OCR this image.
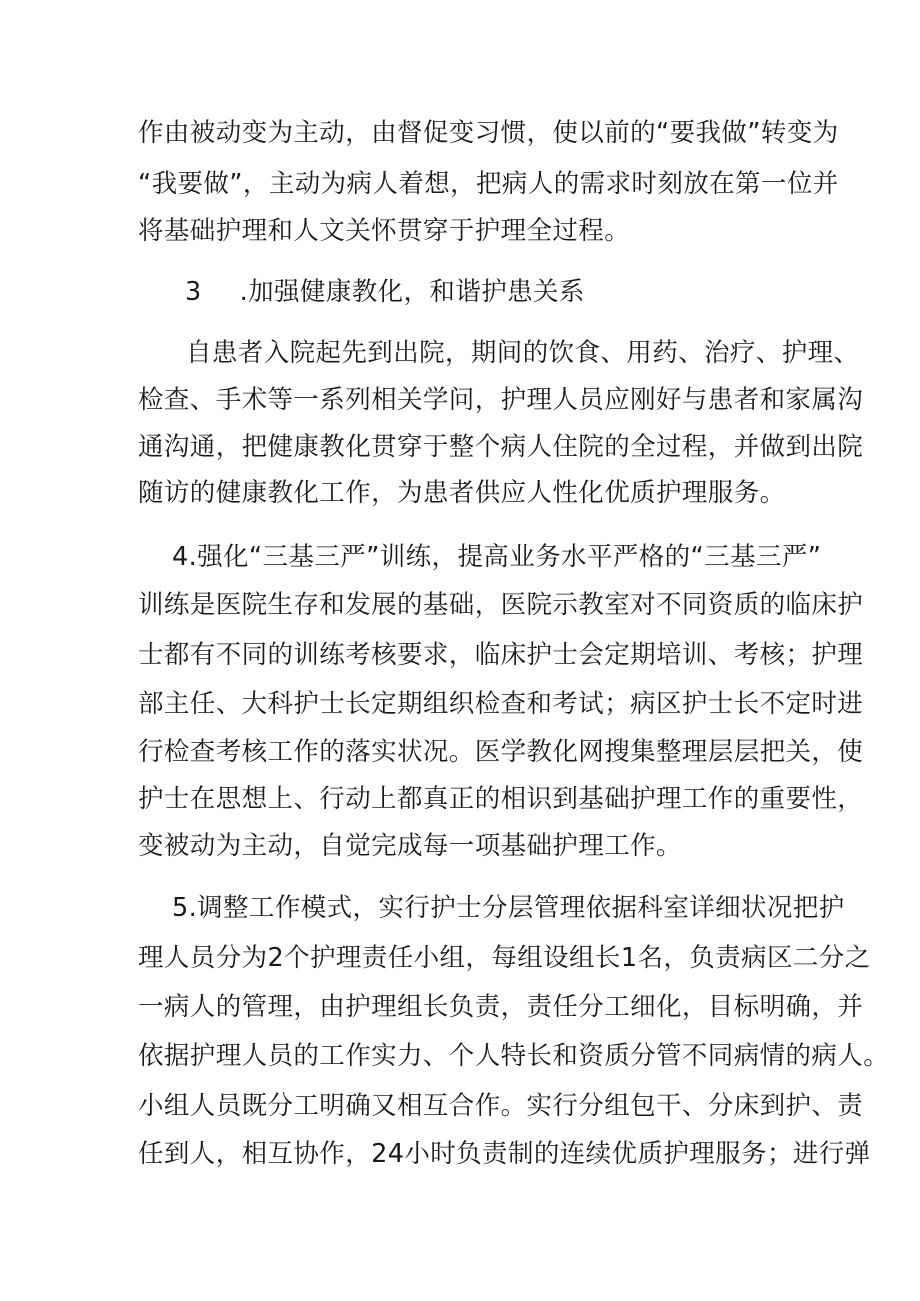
作由被动变为主动，由督促变习惯，使以前的“要我做”转变为
“我要做”，主动为病人着想，把病人的需求时刻放在第一位并
将基础护理和人文关怀贯穿于护理全过程。
3 .加强健康教化，和谐护患关系
自患者入院起先到出院，期间的饮食、用药、治疗、护理、
检查、手术等一系列相关学问，护理人员应刚好与患者和家属沟
通沟通，把健康教化贯穿于整个病人住院的全过程，并做到出院
随访的健康教化工作，为患者供应人性化优质护理服务。
4.强化“三基三严”训练，提高业务水平严格的“三基三严”
训练是医院生存和发展的基础，医院示教室对不同资质的临床护
士都有不同的训练考核要求，临床护士会定期培训、考核；护理
部主任、大科护士长定期组织检查和考试；病区护士长不定时进
行检查考核工作的落实状况。医学教化网搜集整理层层把关，使
护士在思想上、行动上都真正的相识到基础护理工作的重要性，
变被动为主动，自觉完成每一项基础护理工作。
5.调整工作模式，实行护士分层管理依据科室详细状况把护
理人员分为2个护理责任小组，每组设组长1名，负责病区二分之
一病人的管理，由护理组长负责，责任分工细化，目标明确，并
依据护理人员的工作实力、个人特长和资质分管不同病情的病人。
小组人员既分工明确又相互合作。实行分组包干、分床到护、责
任到人，相互协作，24小时负责制的连续优质护理服务；进行弹
